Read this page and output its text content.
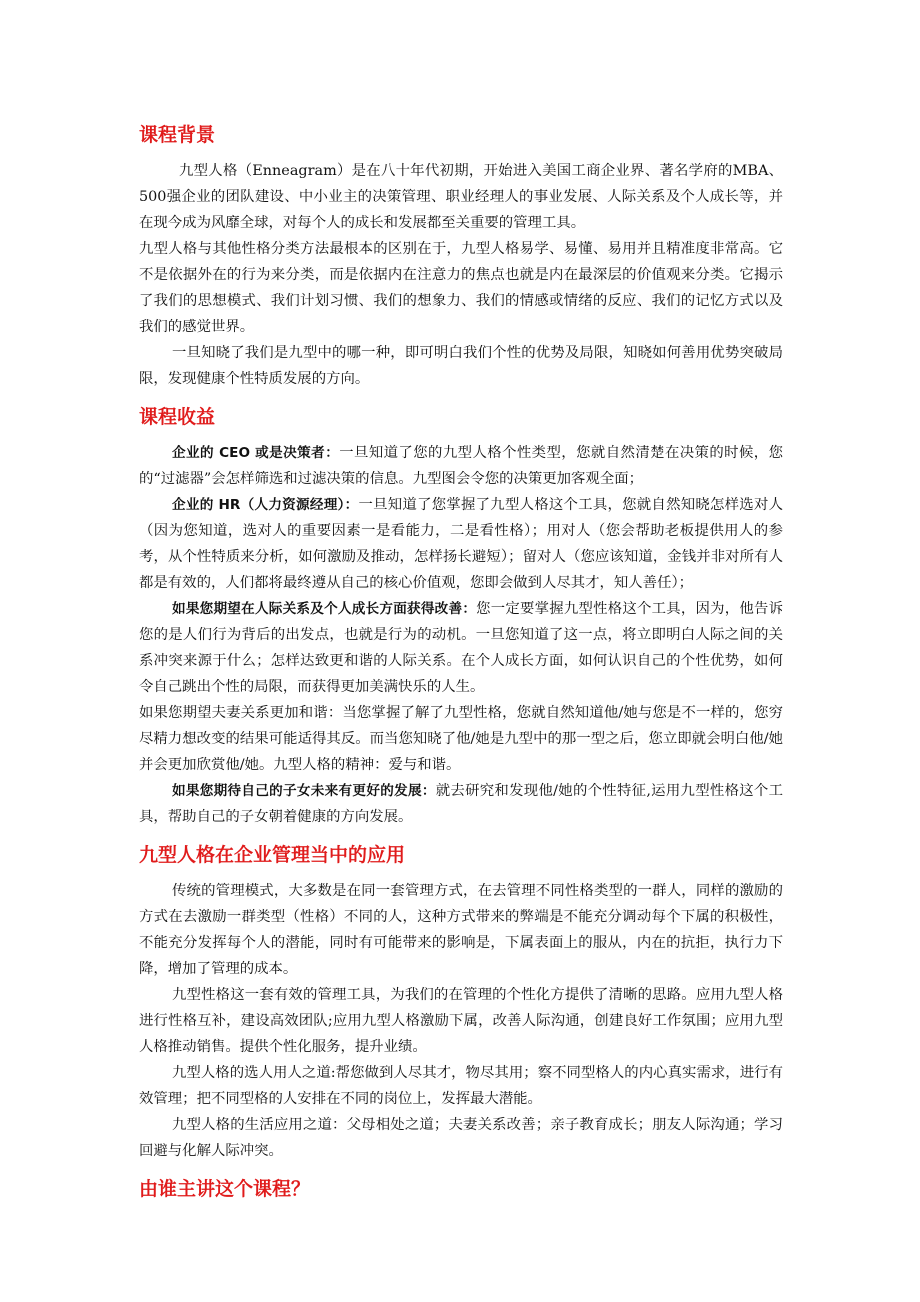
课程背景

九型人格（Enneagram）是在八十年代初期，开始进入美国工商企业界、著名学府的MBA、500强企业的团队建设、中小业主的决策管理、职业经理人的事业发展、人际关系及个人成长等，并在现今成为风靡全球，对每个人的成长和发展都至关重要的管理工具。

九型人格与其他性格分类方法最根本的区别在于，九型人格易学、易懂、易用并且精准度非常高。它不是依据外在的行为来分类，而是依据内在注意力的焦点也就是内在最深层的价值观来分类。它揭示了我们的思想模式、我们计划习惯、我们的想象力、我们的情感或情绪的反应、我们的记忆方式以及我们的感觉世界。

一旦知晓了我们是九型中的哪一种，即可明白我们个性的优势及局限，知晓如何善用优势突破局限，发现健康个性特质发展的方向。

课程收益

企业的 CEO 或是决策者：一旦知道了您的九型人格个性类型，您就自然清楚在决策的时候，您的“过滤器”会怎样筛选和过滤决策的信息。九型图会令您的决策更加客观全面；

企业的 HR（人力资源经理）：一旦知道了您掌握了九型人格这个工具，您就自然知晓怎样选对人（因为您知道，选对人的重要因素一是看能力，二是看性格）；用对人（您会帮助老板提供用人的参考，从个性特质来分析，如何激励及推动，怎样扬长避短）；留对人（您应该知道，金钱并非对所有人都是有效的，人们都将最终遵从自己的核心价值观，您即会做到人尽其才，知人善任）；

如果您期望在人际关系及个人成长方面获得改善：您一定要掌握九型性格这个工具，因为，他告诉您的是人们行为背后的出发点，也就是行为的动机。一旦您知道了这一点，将立即明白人际之间的关系冲突来源于什么；怎样达致更和谐的人际关系。在个人成长方面，如何认识自己的个性优势，如何令自己跳出个性的局限，而获得更加美满快乐的人生。

如果您期望夫妻关系更加和谐：当您掌握了解了九型性格，您就自然知道他/她与您是不一样的，您穷尽精力想改变的结果可能适得其反。而当您知晓了他/她是九型中的那一型之后，您立即就会明白他/她并会更加欣赏他/她。九型人格的精神：爱与和谐。

如果您期待自己的子女未来有更好的发展：就去研究和发现他/她的个性特征,运用九型性格这个工具，帮助自己的子女朝着健康的方向发展。

九型人格在企业管理当中的应用

传统的管理模式，大多数是在同一套管理方式，在去管理不同性格类型的一群人，同样的激励的方式在去激励一群类型（性格）不同的人，这种方式带来的弊端是不能充分调动每个下属的积极性，不能充分发挥每个人的潜能，同时有可能带来的影响是，下属表面上的服从，内在的抗拒，执行力下降，增加了管理的成本。

九型性格这一套有效的管理工具，为我们的在管理的个性化方提供了清晰的思路。应用九型人格进行性格互补，建设高效团队;应用九型人格激励下属，改善人际沟通，创建良好工作氛围；应用九型人格推动销售。提供个性化服务，提升业绩。

九型人格的选人用人之道:帮您做到人尽其才，物尽其用；察不同型格人的内心真实需求，进行有效管理；把不同型格的人安排在不同的岗位上，发挥最大潜能。

九型人格的生活应用之道：父母相处之道；夫妻关系改善；亲子教育成长；朋友人际沟通；学习回避与化解人际冲突。

由谁主讲这个课程？
